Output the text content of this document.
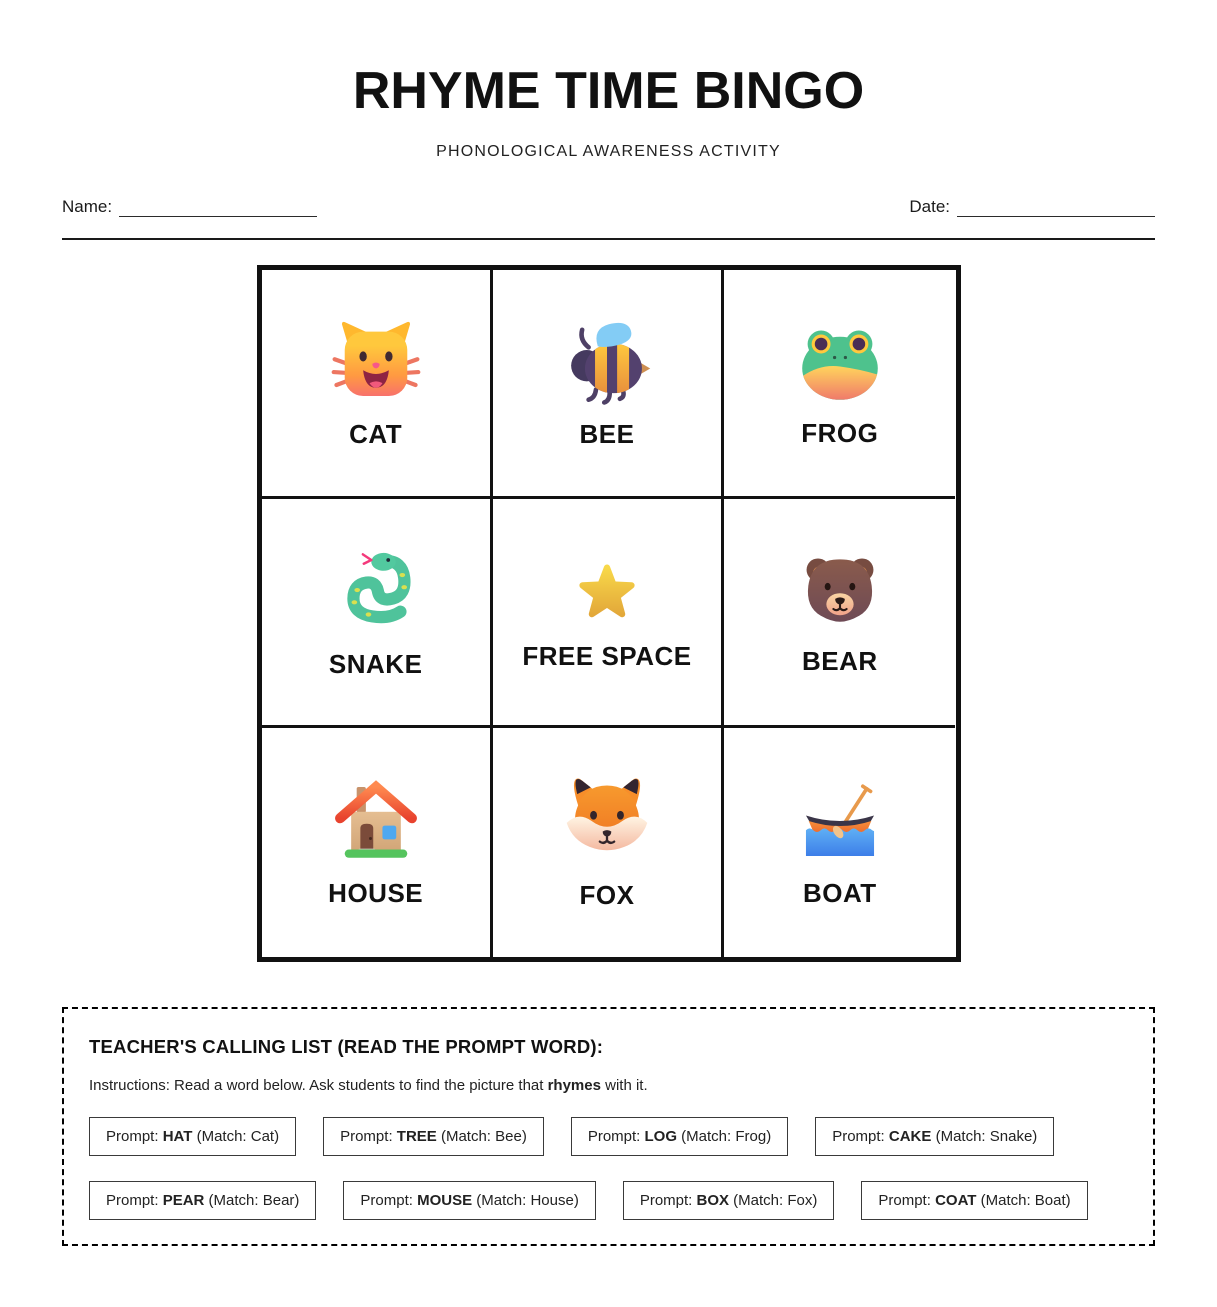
RHYME TIME BINGO
PHONOLOGICAL AWARENESS ACTIVITY
Name:	Date:
CAT	BEE	FROG
SNAKE	FREE SPACE	BEAR
HOUSE	FOX	BOAT
TEACHER'S CALLING LIST (READ THE PROMPT WORD):
Instructions: Read a word below. Ask students to find the picture that rhymes with it.
Prompt: HAT (Match: Cat)	Prompt: TREE (Match: Bee)	Prompt: LOG (Match: Frog)	Prompt: CAKE (Match: Snake)
Prompt: PEAR (Match: Bear)	Prompt: MOUSE (Match: House)	Prompt: BOX (Match: Fox)	Prompt: COAT (Match: Boat)
